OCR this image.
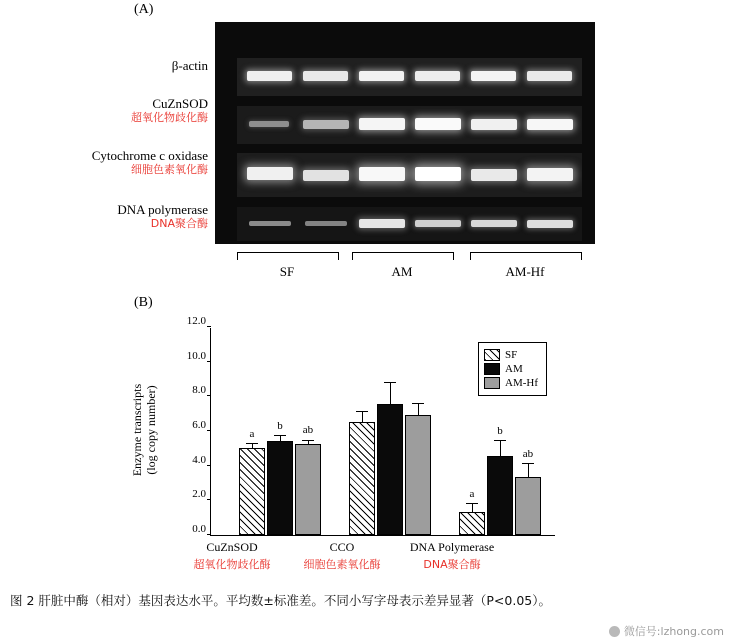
(A)
β-actin
CuZnSOD
超氧化物歧化酶
Cytochrome c oxidase
细胞色素氧化酶
DNA polymerase
DNA聚合酶
SF	AM	AM-Hf
(B)
Enzyme transcripts
(log copy number)
0.0
2.0
4.0
6.0
8.0
10.0
12.0
a
b ab
a
b
ab
SF
AM
AM-Hf
CuZnSOD
超氧化物歧化酶
CCO
细胞色素氧化酶
DNA Polymerase
DNA聚合酶
图 2 肝脏中酶（相对）基因表达水平。平均数±标准差。不同小写字母表示差异显著（P<0.05）。
微信号:lzhong.com
